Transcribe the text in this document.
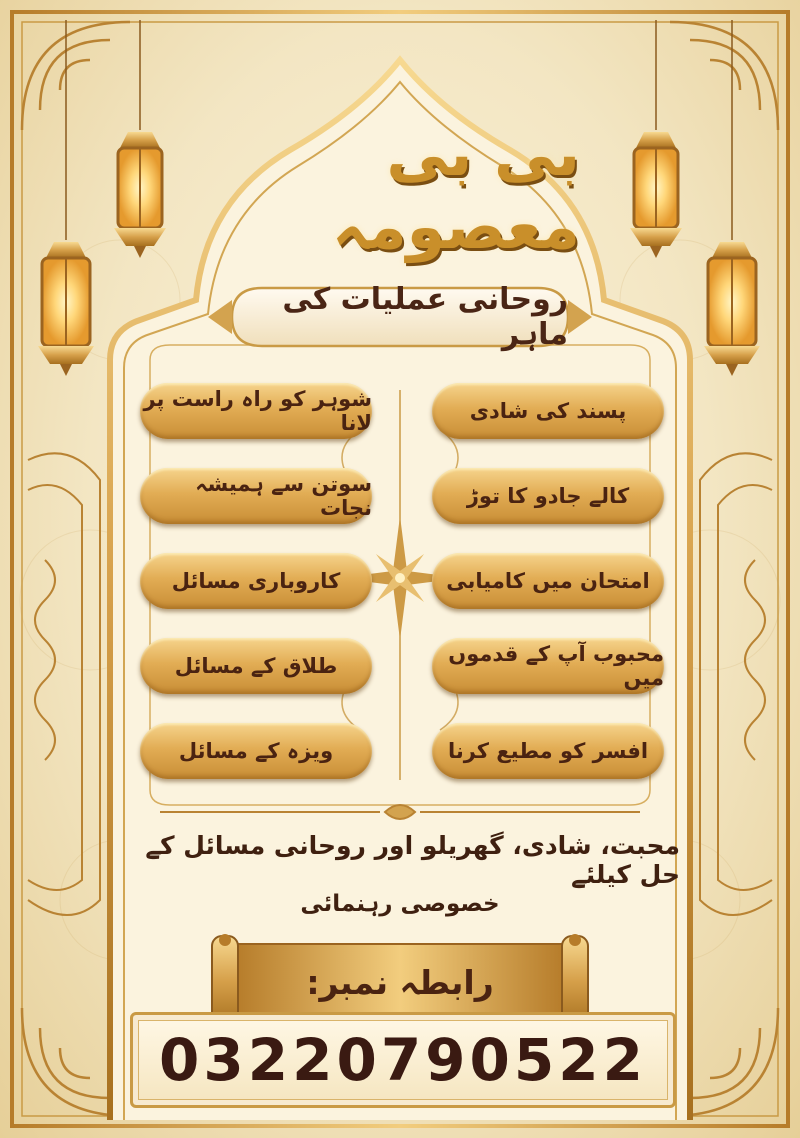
بی بی معصومہ
روحانی عملیات کی ماہر
شوہر کو راہ راست پر لانا
سوتن سے ہمیشہ نجات
کاروباری مسائل
طلاق کے مسائل
ویزہ کے مسائل
پسند کی شادی
کالے جادو کا توڑ
امتحان میں کامیابی
محبوب آپ کے قدموں میں
افسر کو مطیع کرنا
محبت، شادی، گھریلو اور روحانی مسائل کے حل کیلئے
خصوصی رہنمائی
رابطہ نمبر:
03220790522
